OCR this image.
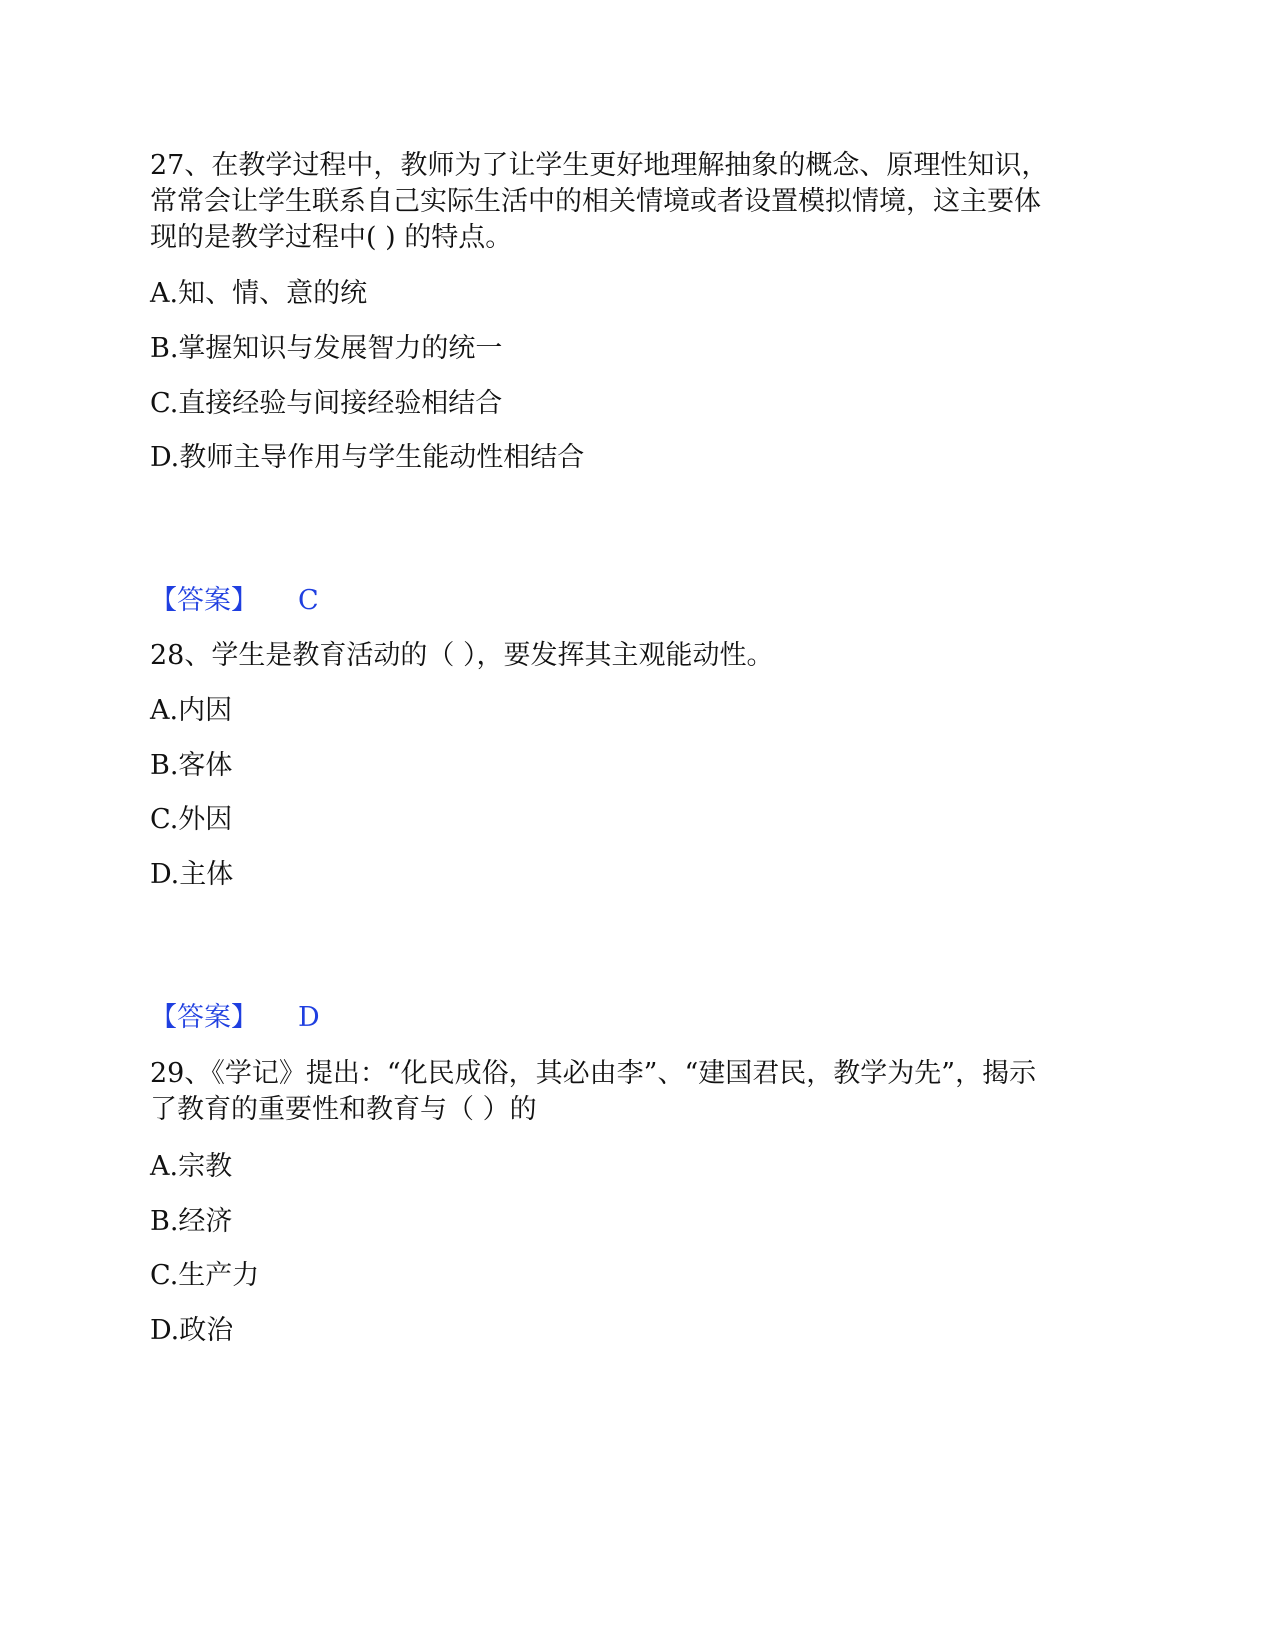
27、在教学过程中，教师为了让学生更好地理解抽象的概念、原理性知识，
常常会让学生联系自己实际生活中的相关情境或者设置模拟情境，这主要体
现的是教学过程中( ) 的特点。
A.知、情、意的统
B.掌握知识与发展智力的统一
C.直接经验与间接经验相结合
D.教师主导作用与学生能动性相结合
【答案】 C
28、学生是教育活动的（ ），要发挥其主观能动性。
A.内因
B.客体
C.外因
D.主体
【答案】 D
29、《学记》提出：“化民成俗，其必由李”、“建国君民，教学为先”，揭示
了教育的重要性和教育与（ ）的
A.宗教
B.经济
C.生产力
D.政治
